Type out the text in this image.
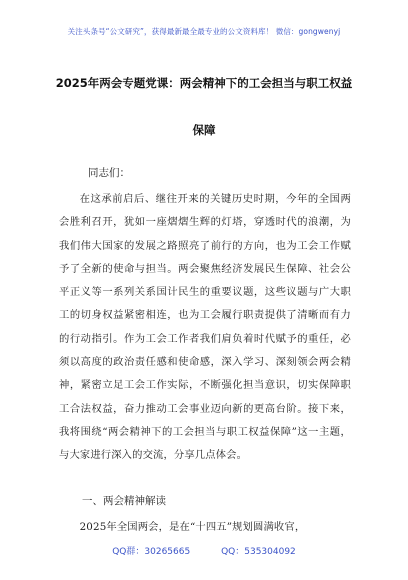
关注头条号“公文研究”，获得最新最全最专业的公文资料库！ 微信：gongwenyj
2025年两会专题党课：两会精神下的工会担当与职工权益
保障
同志们：

在这承前启后、继往开来的关键历史时期，今年的全国两会胜利召开，犹如一座熠熠生辉的灯塔，穿透时代的浪潮，为我们伟大国家的发展之路照亮了前行的方向，也为工会工作赋予了全新的使命与担当。两会聚焦经济发展民生保障、社会公平正义等一系列关系国计民生的重要议题，这些议题与广大职工的切身权益紧密相连，也为工会履行职责提供了清晰而有力的行动指引。作为工会工作者我们肩负着时代赋予的重任，必须以高度的政治责任感和使命感，深入学习、深刻领会两会精神，紧密立足工会工作实际，不断强化担当意识，切实保障职工合法权益，奋力推动工会事业迈向新的更高台阶。接下来，我将围绕“两会精神下的工会担当与职工权益保障”这一主题，与大家进行深入的交流，分享几点体会。

一、两会精神解读

2025年全国两会，是在“十四五”规划圆满收官，

QQ群：30265665	QQ：535304092
